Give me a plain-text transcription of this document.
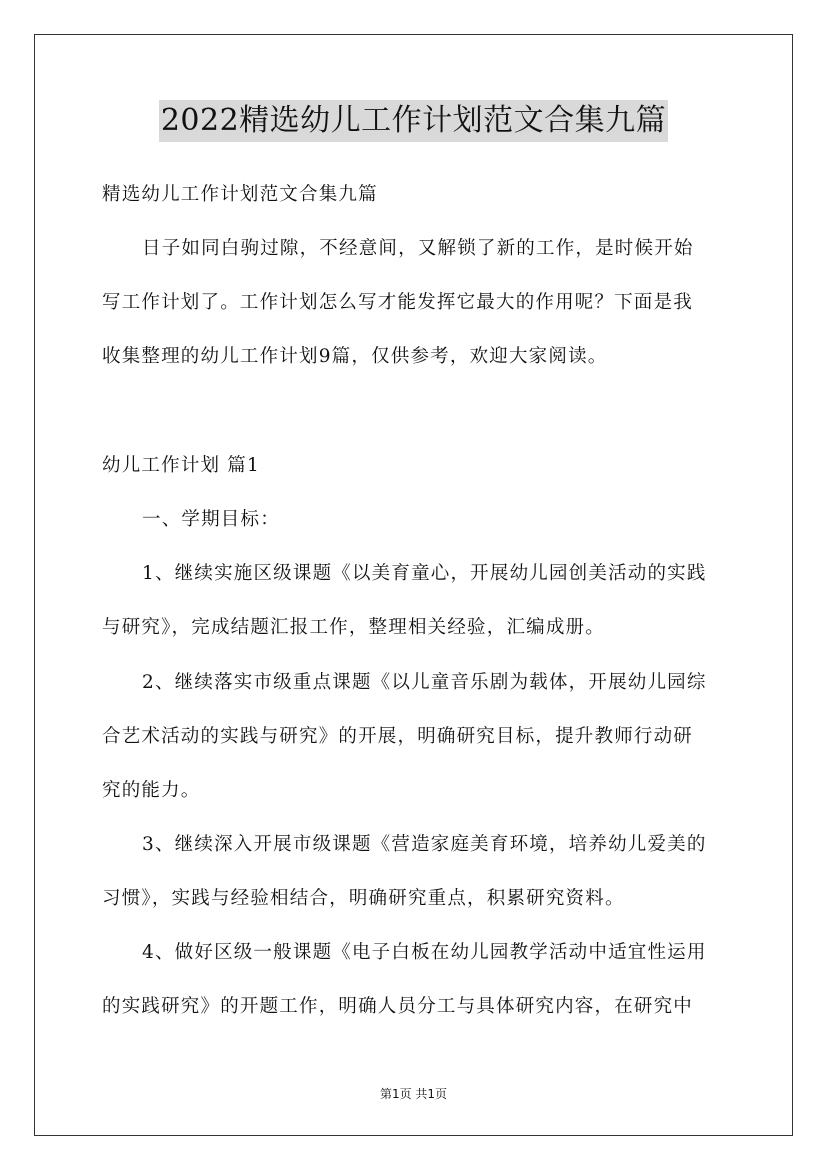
2022精选幼儿工作计划范文合集九篇
精选幼儿工作计划范文合集九篇
日子如同白驹过隙，不经意间，又解锁了新的工作，是时候开始
写工作计划了。工作计划怎么写才能发挥它最大的作用呢？下面是我
收集整理的幼儿工作计划9篇，仅供参考，欢迎大家阅读。
幼儿工作计划 篇1
一、学期目标：
1、继续实施区级课题《以美育童心，开展幼儿园创美活动的实践
与研究》，完成结题汇报工作，整理相关经验，汇编成册。
2、继续落实市级重点课题《以儿童音乐剧为载体，开展幼儿园综
合艺术活动的实践与研究》的开展，明确研究目标，提升教师行动研
究的能力。
3、继续深入开展市级课题《营造家庭美育环境，培养幼儿爱美的
习惯》，实践与经验相结合，明确研究重点，积累研究资料。
4、做好区级一般课题《电子白板在幼儿园教学活动中适宜性运用
的实践研究》的开题工作，明确人员分工与具体研究内容，在研究中
第1页 共1页
